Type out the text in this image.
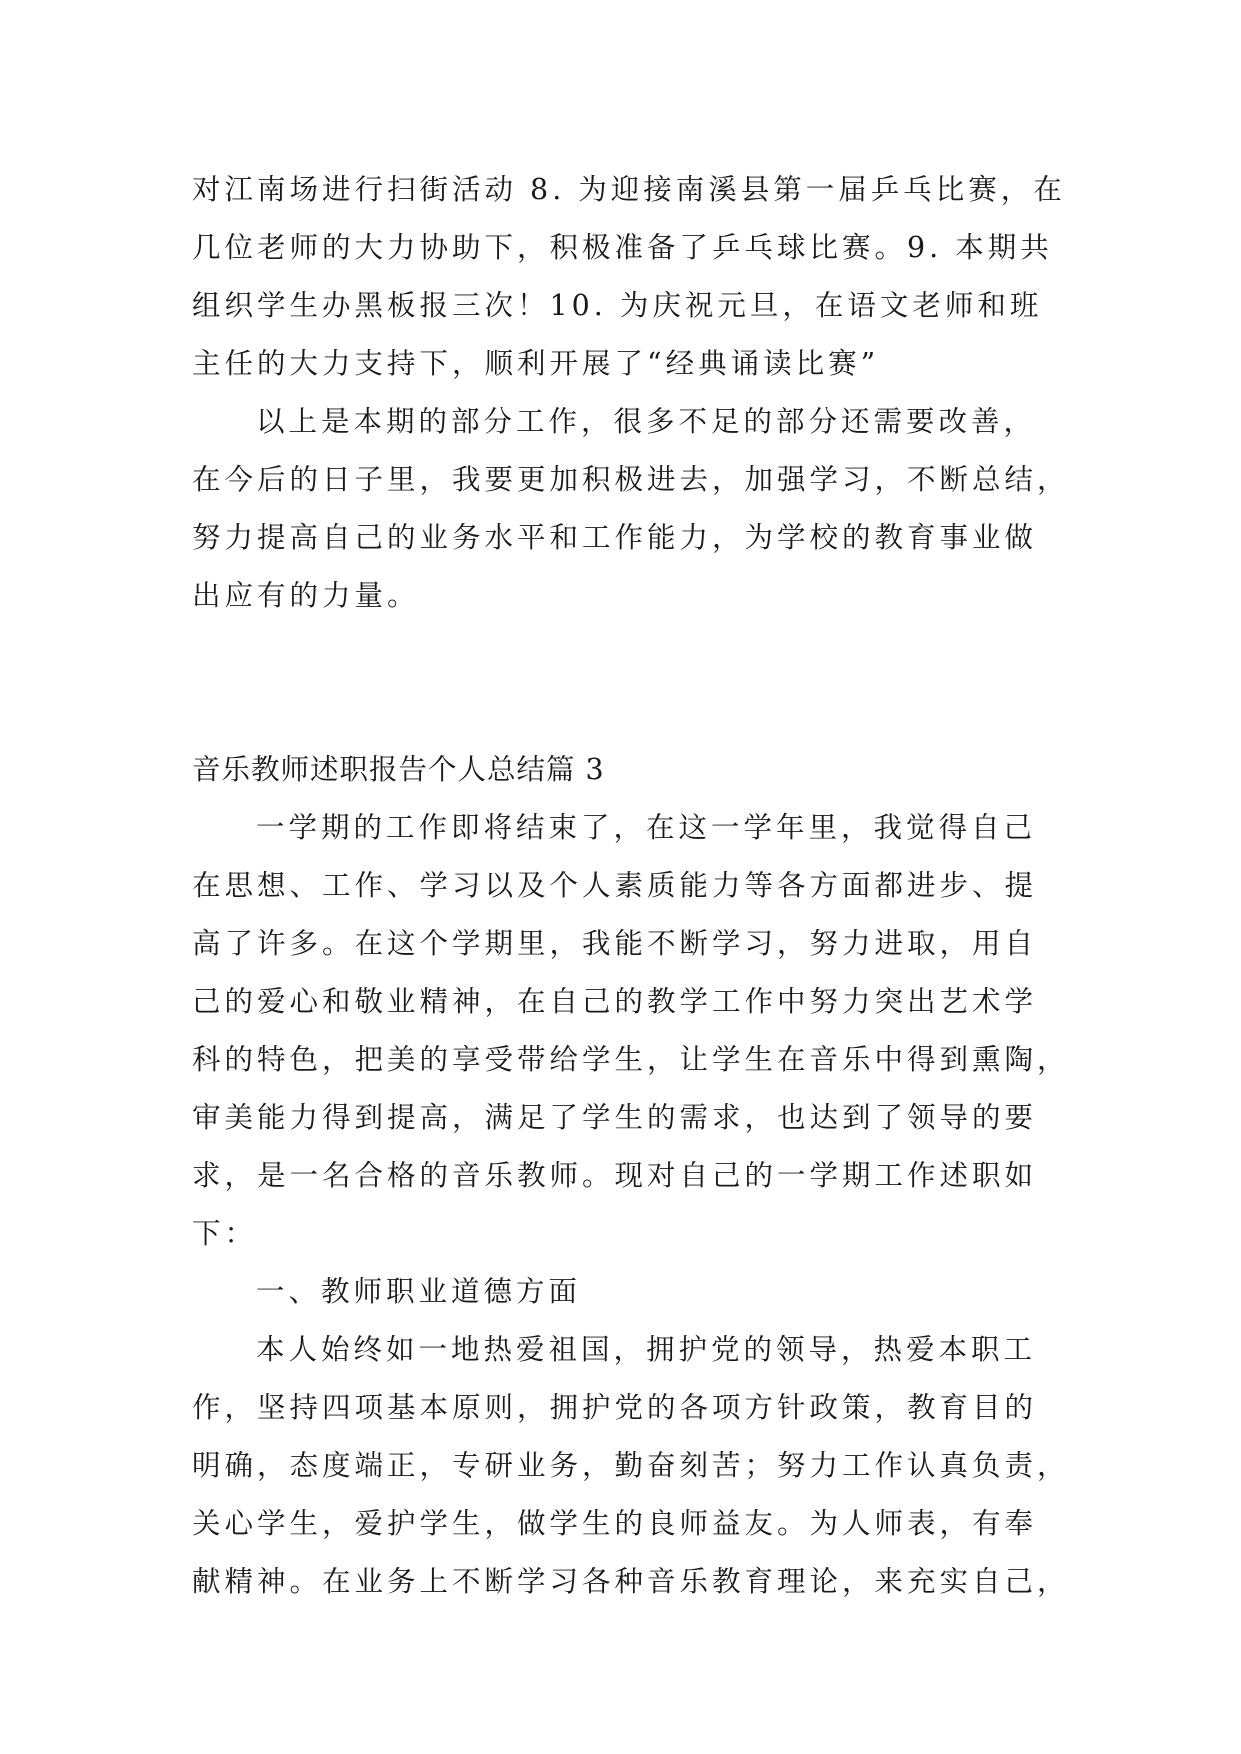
对江南场进行扫街活动 8. 为迎接南溪县第一届乒乓比赛，在
几位老师的大力协助下，积极准备了乒乓球比赛。9. 本期共
组织学生办黑板报三次！10. 为庆祝元旦，在语文老师和班
主任的大力支持下，顺利开展了“经典诵读比赛”
以上是本期的部分工作，很多不足的部分还需要改善，
在今后的日子里，我要更加积极进去，加强学习，不断总结，
努力提高自己的业务水平和工作能力，为学校的教育事业做
出应有的力量。
音乐教师述职报告个人总结篇 3
一学期的工作即将结束了，在这一学年里，我觉得自己
在思想、工作、学习以及个人素质能力等各方面都进步、提
高了许多。在这个学期里，我能不断学习，努力进取，用自
己的爱心和敬业精神，在自己的教学工作中努力突出艺术学
科的特色，把美的享受带给学生，让学生在音乐中得到熏陶，
审美能力得到提高，满足了学生的需求，也达到了领导的要
求，是一名合格的音乐教师。现对自己的一学期工作述职如
下：
一、教师职业道德方面
本人始终如一地热爱祖国，拥护党的领导，热爱本职工
作，坚持四项基本原则，拥护党的各项方针政策，教育目的
明确，态度端正，专研业务，勤奋刻苦；努力工作认真负责，
关心学生，爱护学生，做学生的良师益友。为人师表，有奉
献精神。在业务上不断学习各种音乐教育理论，来充实自己，
